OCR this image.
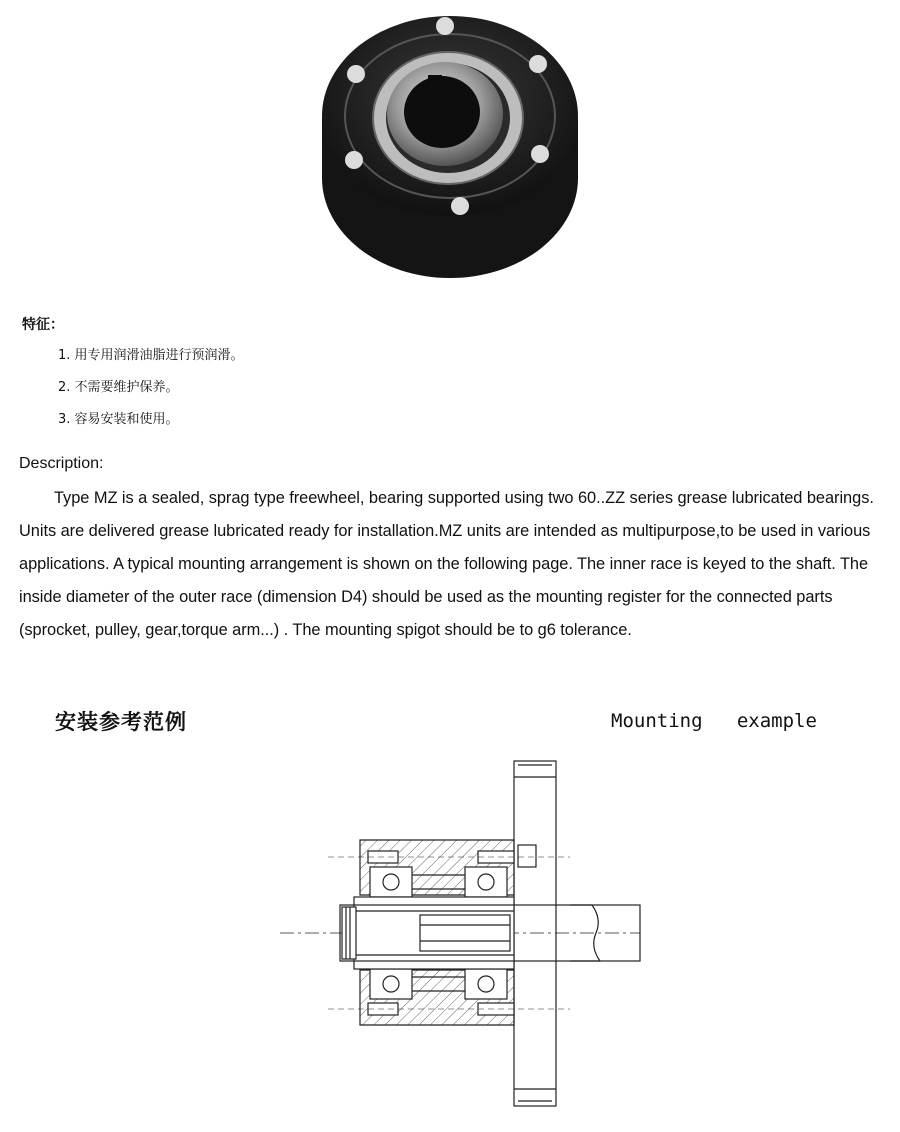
特征：
1. 用专用润滑油脂进行预润滑。
2. 不需要维护保养。
3. 容易安装和使用。
Description:
Type MZ is a sealed, sprag type freewheel, bearing supported using two 60..ZZ series grease lubricated bearings. Units are delivered grease lubricated ready for installation.MZ units are intended as multipurpose,to be used in various applications. A typical mounting arrangement is shown on the following page. The inner race is keyed to the shaft. The inside diameter of the outer race (dimension D4) should be used as the mounting register for the connected parts (sprocket, pulley, gear,torque arm...) . The mounting spigot should be to g6 tolerance.
安装参考范例	Mounting   example
